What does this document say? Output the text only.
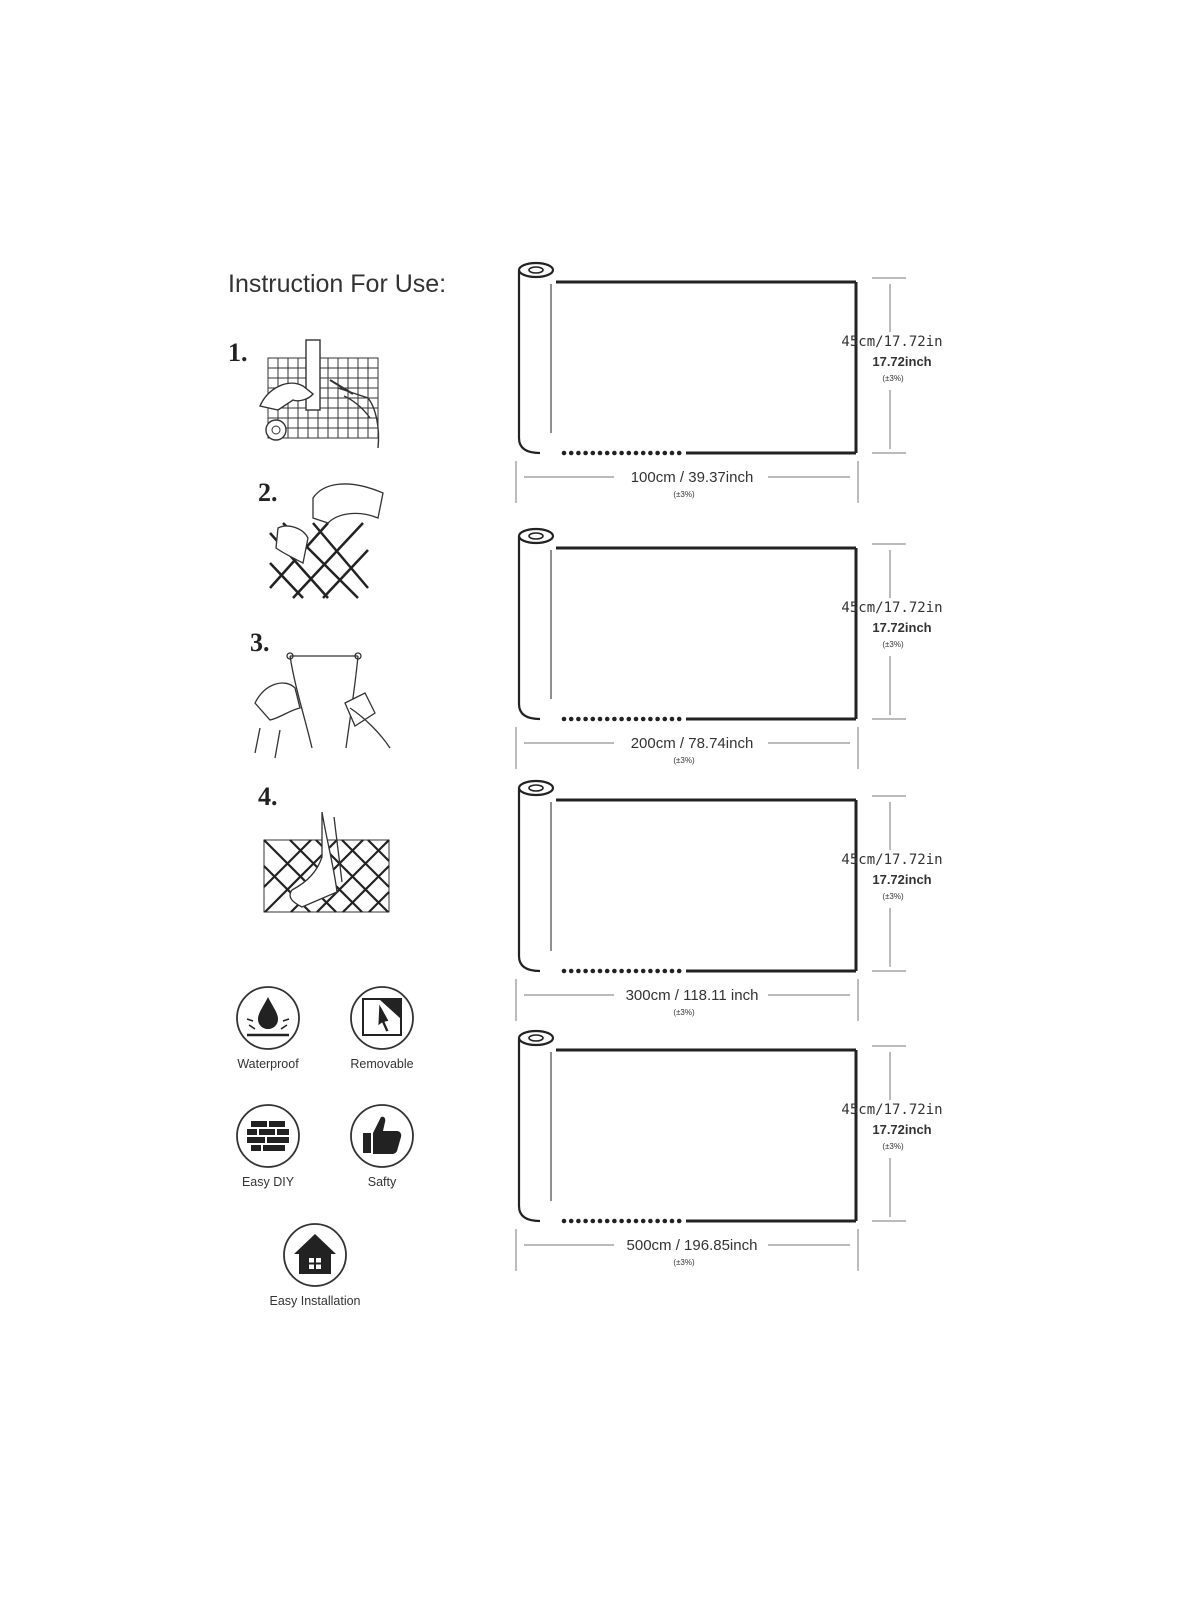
Instruction For Use:
1.
2.
3.
4.
Waterproof	Removable
Easy DIY	Safty
Easy Installation
100cm / 39.37inch
(±3%)
45cm/17.72in
17.72inch
(±3%)
200cm / 78.74inch
(±3%)
45cm/17.72in
17.72inch
(±3%)
300cm / 118.11 inch
(±3%)
45cm/17.72in
17.72inch
(±3%)
500cm / 196.85inch
(±3%)
45cm/17.72in
17.72inch
(±3%)
